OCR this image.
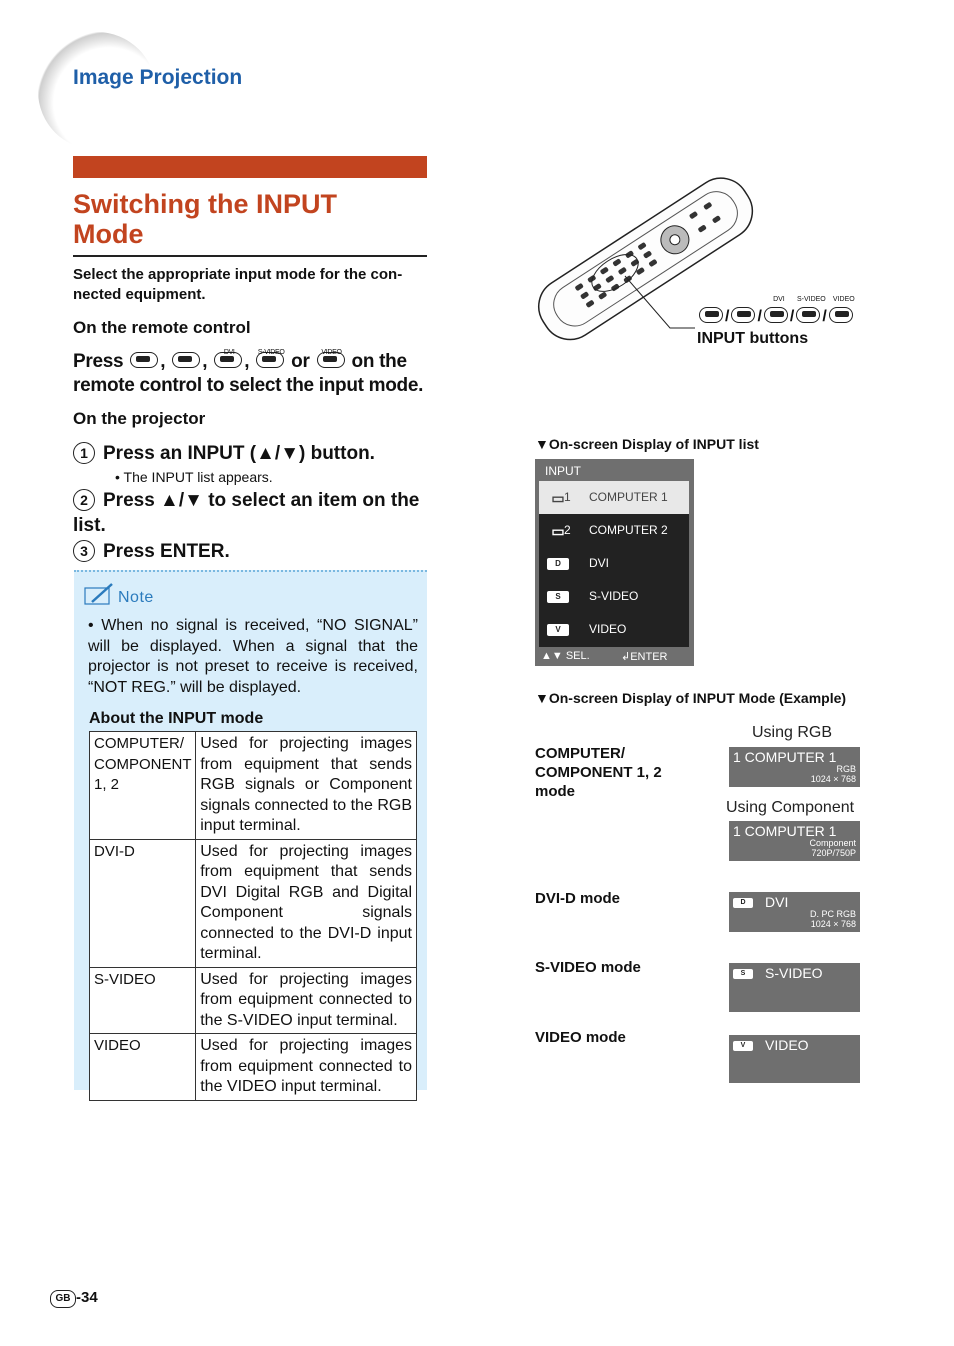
Image Projection
Switching the INPUT
Mode
Select the appropriate input mode for the con-
nected equipment.
On the remote control
Press ,
,	DVI , S-VIDEO or	VIDEO on the
remote control to select the input mode.
On the projector
1 Press an INPUT (▲/▼) button.
• The INPUT list appears.
2 Press ▲/▼ to select an item on the list.
3 Press ENTER.
Note
• When no signal is received, “NO SIGNAL” will be displayed. When a signal that the projector is not preset to receive is received, “NOT REG.” will be displayed.
About the INPUT mode
COMPUTER/ COMPONENT 1, 2	Used for projecting images from equipment that sends RGB signals or Component signals connected to the RGB input terminal.
DVI-D	Used for projecting images from equipment that sends DVI Digital RGB and Digital Component signals connected to the DVI-D input terminal.
S-VIDEO	Used for projecting images from equipment connected to the S-VIDEO input terminal.
VIDEO	Used for projecting images from equipment connected to the VIDEO input terminal.
/ /
DVI
/
S-VIDEO
/
VIDEO
INPUT buttons
▼On-screen Display of INPUT list
INPUT
▭ 1 COMPUTER 1
▭ 2 COMPUTER 2
D	DVI
S	S-VIDEO
V	VIDEO
▲▼ SEL.	↲ENTER
▼On-screen Display of INPUT Mode (Example)
COMPUTER/ COMPONENT 1, 2 mode
Using RGB
1 COMPUTER 1
RGB
1024 × 768
Using Component
1 COMPUTER 1
Component
720P/750P
DVI-D mode	D	DVI
D. PC RGB
1024 × 768
S-VIDEO mode	S	S-VIDEO
VIDEO mode	V	VIDEO
GB -34
